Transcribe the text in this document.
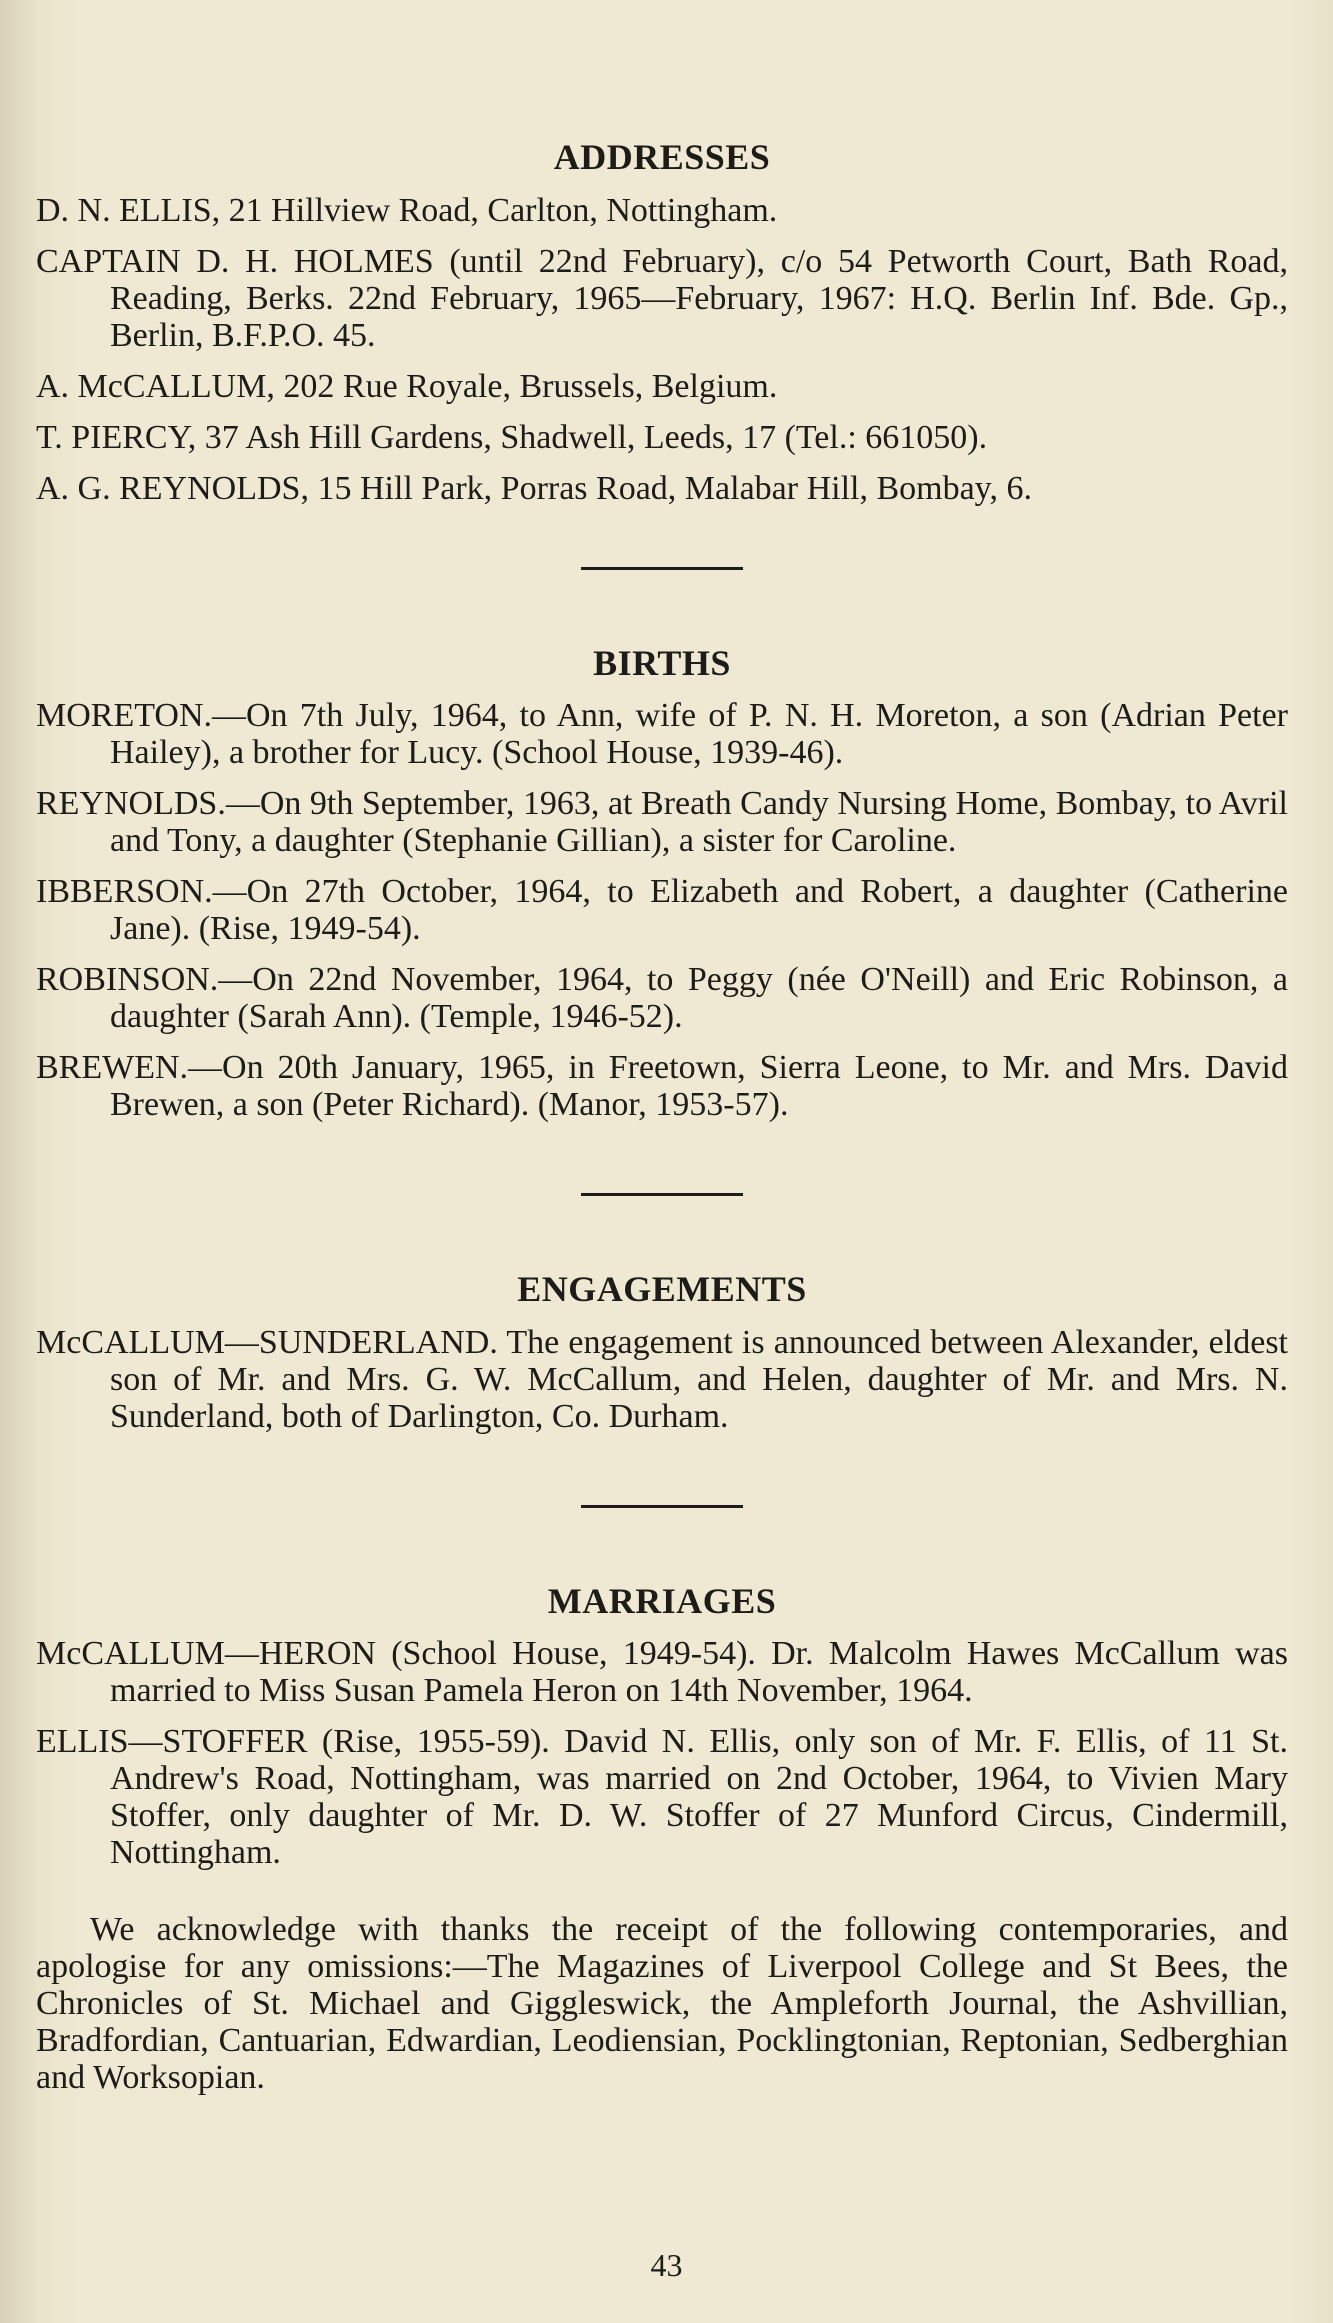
ADDRESSES

D. N. ELLIS, 21 Hillview Road, Carlton, Nottingham.

CAPTAIN D. H. HOLMES (until 22nd February), c/o 54 Petworth Court, Bath Road, Reading, Berks. 22nd February, 1965—February, 1967: H.Q. Berlin Inf. Bde. Gp., Berlin, B.F.P.O. 45.

A. McCALLUM, 202 Rue Royale, Brussels, Belgium.

T. PIERCY, 37 Ash Hill Gardens, Shadwell, Leeds, 17 (Tel.: 661050).

A. G. REYNOLDS, 15 Hill Park, Porras Road, Malabar Hill, Bombay, 6.

BIRTHS

MORETON.—On 7th July, 1964, to Ann, wife of P. N. H. Moreton, a son (Adrian Peter Hailey), a brother for Lucy. (School House, 1939-46).

REYNOLDS.—On 9th September, 1963, at Breath Candy Nursing Home, Bombay, to Avril and Tony, a daughter (Stephanie Gillian), a sister for Caroline.

IBBERSON.—On 27th October, 1964, to Elizabeth and Robert, a daughter (Catherine Jane). (Rise, 1949-54).

ROBINSON.—On 22nd November, 1964, to Peggy (née O'Neill) and Eric Robinson, a daughter (Sarah Ann). (Temple, 1946-52).

BREWEN.—On 20th January, 1965, in Freetown, Sierra Leone, to Mr. and Mrs. David Brewen, a son (Peter Richard). (Manor, 1953-57).

ENGAGEMENTS

McCALLUM—SUNDERLAND. The engagement is announced between Alexander, eldest son of Mr. and Mrs. G. W. McCallum, and Helen, daughter of Mr. and Mrs. N. Sunderland, both of Darlington, Co. Durham.

MARRIAGES

McCALLUM—HERON (School House, 1949-54). Dr. Malcolm Hawes McCallum was married to Miss Susan Pamela Heron on 14th November, 1964.

ELLIS—STOFFER (Rise, 1955-59). David N. Ellis, only son of Mr. F. Ellis, of 11 St. Andrew's Road, Nottingham, was married on 2nd October, 1964, to Vivien Mary Stoffer, only daughter of Mr. D. W. Stoffer of 27 Munford Circus, Cindermill, Nottingham.

We acknowledge with thanks the receipt of the following contemporaries, and apologise for any omissions:—The Magazines of Liverpool College and St Bees, the Chronicles of St. Michael and Giggleswick, the Ampleforth Journal, the Ashvillian, Bradfordian, Cantuarian, Edwardian, Leodiensian, Pocklingtonian, Reptonian, Sedberghian and Worksopian.

43
